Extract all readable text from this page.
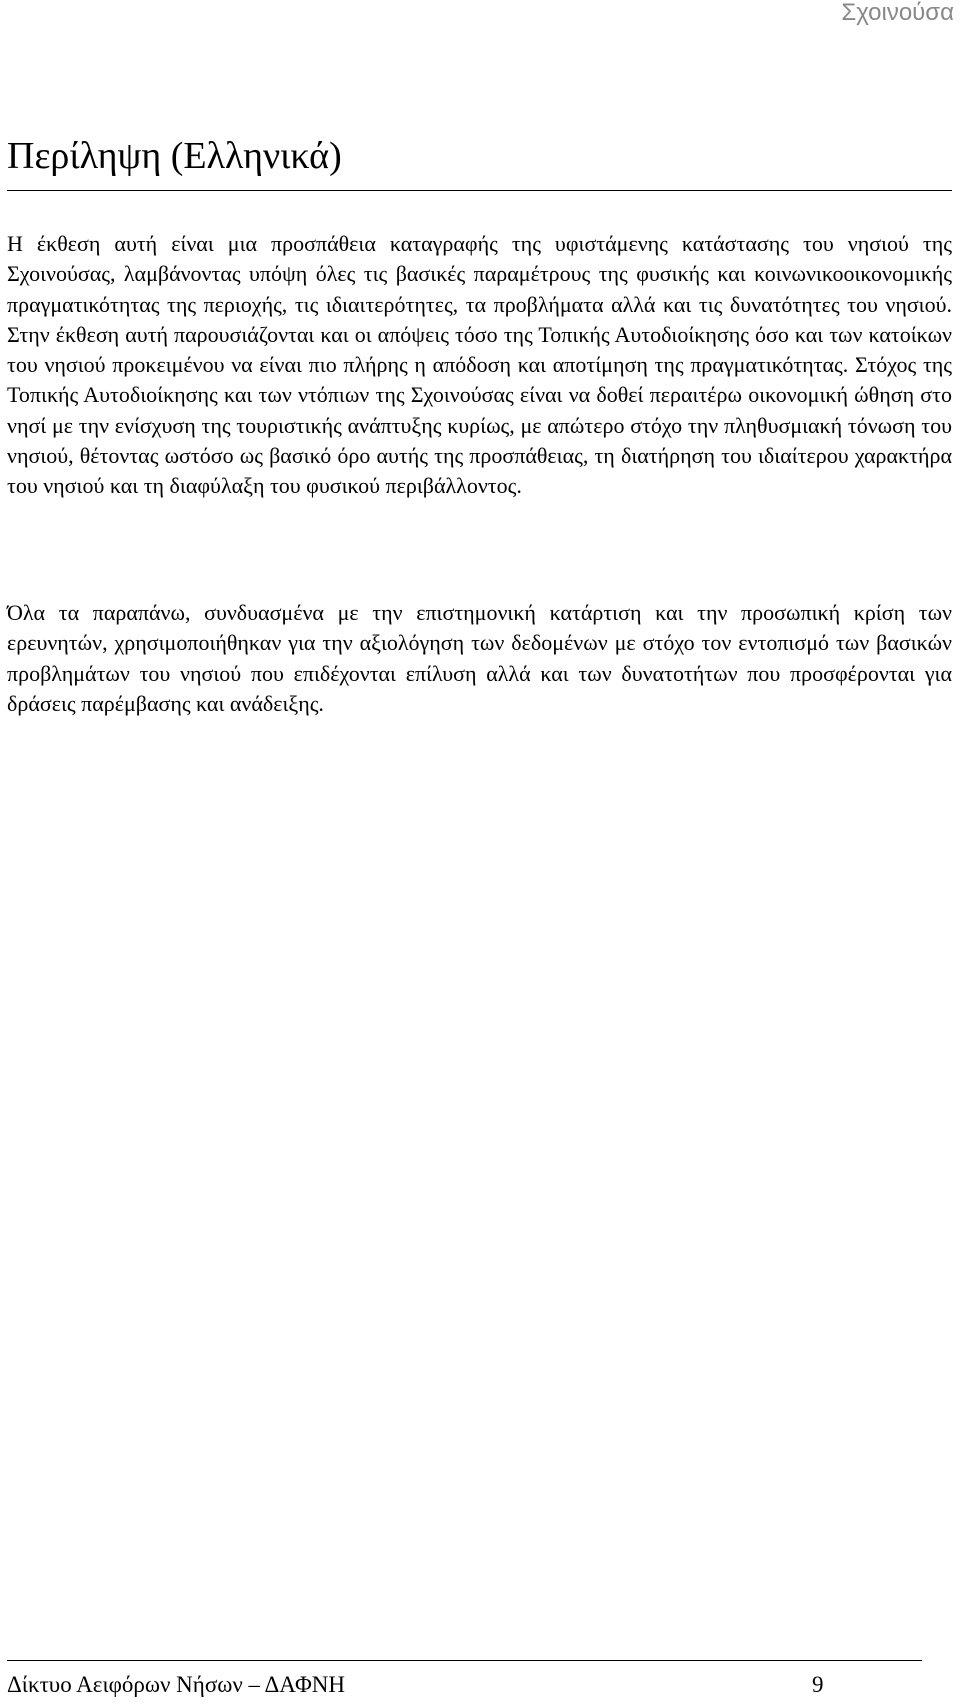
Σχοινούσα
Περίληψη (Ελληνικά)

Η έκθεση αυτή είναι μια προσπάθεια καταγραφής της υφιστάμενης κατάστασης του νησιού της Σχοινούσας, λαμβάνοντας υπόψη όλες τις βασικές παραμέτρους της φυσικής και κοινωνικοοικονομικής πραγματικότητας της περιοχής, τις ιδιαιτερότητες, τα προβλήματα αλλά και τις δυνατότητες του νησιού. Στην έκθεση αυτή παρουσιάζονται και οι απόψεις τόσο της Τοπικής Αυτοδιοίκησης όσο και των κατοίκων του νησιού προκειμένου να είναι πιο πλήρης η απόδοση και αποτίμηση της πραγματικότητας. Στόχος της Τοπικής Αυτοδιοίκησης και των ντόπιων της Σχοινούσας είναι να δοθεί περαιτέρω οικονομική ώθηση στο νησί με την ενίσχυση της τουριστικής ανάπτυξης κυρίως, με απώτερο στόχο την πληθυσμιακή τόνωση του νησιού, θέτοντας ωστόσο ως βασικό όρο αυτής της προσπάθειας, τη διατήρηση του ιδιαίτερου χαρακτήρα του νησιού και τη διαφύλαξη του φυσικού περιβάλλοντος.

Όλα τα παραπάνω, συνδυασμένα με την επιστημονική κατάρτιση και την προσωπική κρίση των ερευνητών, χρησιμοποιήθηκαν για την αξιολόγηση των δεδομένων με στόχο τον εντοπισμό των βασικών προβλημάτων του νησιού που επιδέχονται επίλυση αλλά και των δυνατοτήτων που προσφέρονται για δράσεις παρέμβασης και ανάδειξης.

Δίκτυο Αειφόρων Νήσων – ΔΑΦΝΗ	9
